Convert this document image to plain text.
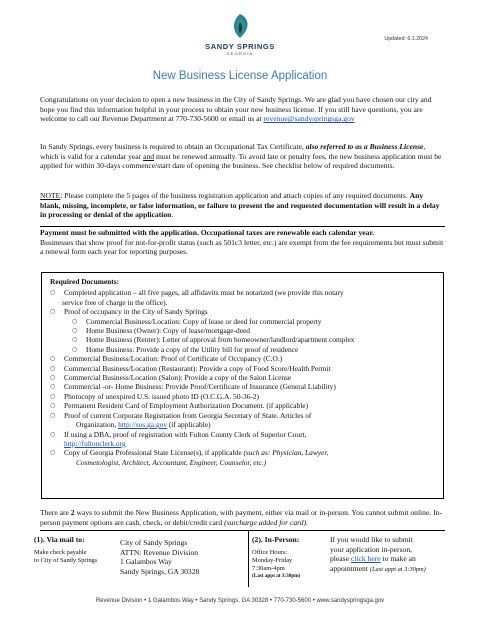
SANDY SPRINGS
GEORGIA
Updated: 6.1.2024
New Business License Application
Congratulations on your decision to open a new business in the City of Sandy Springs. We are glad you have chosen our city and hope you find this information helpful in your process to obtain your new business license. If you still have questions, you are welcome to call our Revenue Department at 770-730-5600 or email us at revenue@sandyspringsga.gov
In Sandy Springs, every business is required to obtain an Occupational Tax Certificate, also referred to as a Business License, which is valid for a calendar year and must be renewed annually. To avoid late or penalty fees, the new business application must be applied for within 30-days commence/start date of opening the business. See checklist below of required documents.
NOTE: Please complete the 5 pages of the business registration application and attach copies of any required documents. Any blank, missing, incomplete, or false information, or failure to present the and requested documentation will result in a delay in processing or denial of the application.
Payment must be submitted with the application. Occupational taxes are renewable each calendar year.
Businesses that show proof for not-for-profit status (such as 501c3 letter, etc.) are exempt from the fee requirements but must submit a renewal form each year for reporting purposes.
Required Documents:
○ Completed application – all five pages, all affidavits must be notarized (we provide this notary
service free of charge in the office).
○ Proof of occupancy in the City of Sandy Springs
○ Commercial Business/Location: Copy of lease or deed for commercial property
○ Home Business (Owner): Copy of lease/mortgage-deed
○ Home Business (Renter): Letter of approval from homeowner/landlord/apartment complex
○ Home Business: Provide a copy of the Utility bill for proof of residence
○ Commercial Business/Location: Proof of Certificate of Occupancy (C.O.)
○ Commercial Business/Location (Restaurant): Provide a copy of Food Score/Health Permit
○ Commercial Business/Location (Salon): Provide a copy of the Salon License
○ Commercial -or- Home Business: Provide Proof/Certificate of Insurance (General Liability)
○ Photocopy of unexpired U.S. issued photo ID (O.C.G.A. 50-36-2)
○ Permanent Resident Card of Employment Authorization Document. (if applicable)
○ Proof of current Corporate Registration from Georgia Secretary of State. Articles of
Organization, http://sos.ga.gov (if applicable)
○ If using a DBA, proof of registration with Fulton County Clerk of Superior Court,
http://fultonclerk.org
○ Copy of Georgia Professional State License(s), if applicable (such as: Physician, Lawyer,
Cosmetologist, Architect, Accountant, Engineer, Counselor, etc.)
There are 2 ways to submit the New Business Application, with payment, either via mail or in-person. You cannot submit online. In-person payment options are cash, check, or debit/credit card (surcharge added for card).
(1). Via mail to:
Make check payable
to City of Sandy Springs
City of Sandy Springs
ATTN: Revenue Division
1 Galambos Way
Sandy Springs, GA 30328
(2). In-Person:
Office Hours:
Monday-Friday
7:30am-4pm
(Last appt at 3:30pm)
If you would like to submit
your application in-person,
please click here to make an
appointment (Last appt at 3:30pm)
Revenue Division • 1 Galambos Way • Sandy Springs, GA 30328 • 770-730-5600 • www.sandyspringsga.gov
